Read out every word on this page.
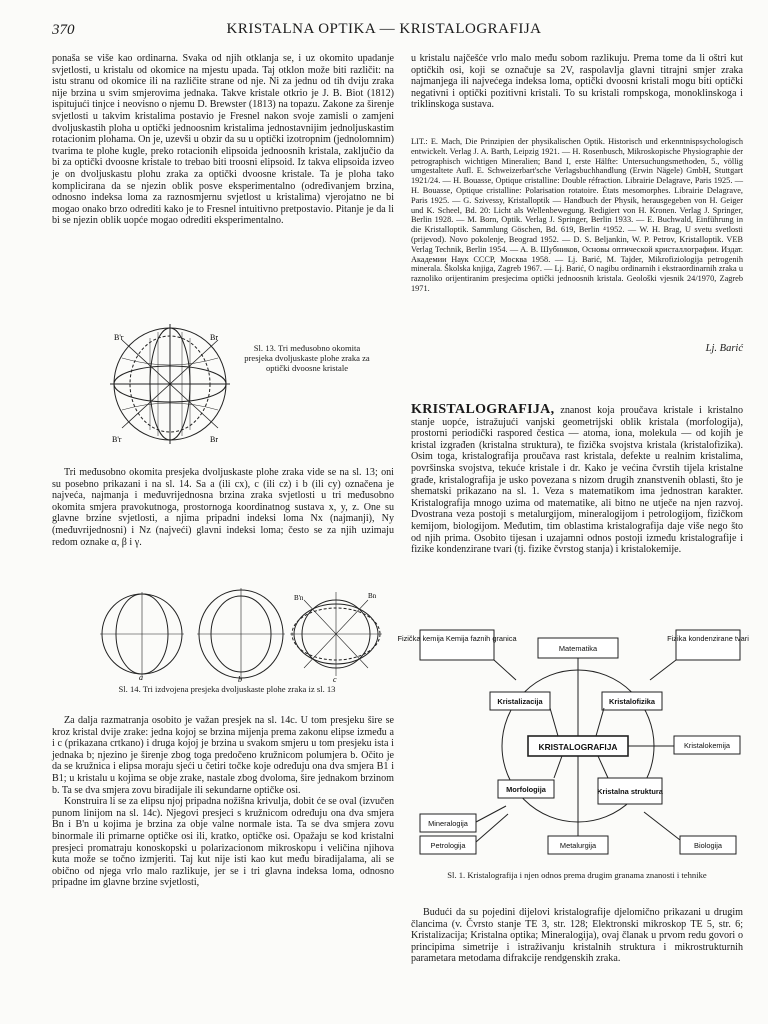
370	KRISTALNA OPTIKA — KRISTALOGRAFIJA

ponaša se više kao ordinarna. Svaka od njih otklanja se, i uz okomito upadanje svjetlosti, u kristalu od okomice na mjestu upada. Taj otklon može biti različit: na istu stranu od okomice ili na različite strane od nje. Ni za jednu od tih dviju zraka nije brzina u svim smjerovima jednaka. Takve kristale otkrio je J. B. Biot (1812) ispitujući tinjce i neovisno o njemu D. Brewster (1813) na topazu. Zakone za širenje svjetlosti u takvim kristalima postavio je Fresnel nakon svoje zamisli o zamjeni dvoljuskastih ploha u optički jednoosnim kristalima jednostavnijim jednoljuskastim rotacionim plohama. On je, uzevši u obzir da su u optički izotropnim (jednolomnim) tvarima te plohe kugle, preko rotacionih elipsoida jednoosnih kristala, zaključio da bi za optički dvoosne kristale to trebao biti troosni elipsoid. Iz takva elipsoida izveo je on dvoljuskastu plohu zraka za optički dvoosne kristale. Ta je ploha tako komplicirana da se njezin oblik posve eksperimentalno (određivanjem brzina, odnosno indeksa loma za raznosmjernu svjetlost u kristalima) vjerojatno ne bi mogao onako brzo odrediti kako je to Fresnel intuitivno pretpostavio. Pitanje je da li bi se njezin oblik uopće mogao odrediti eksperimentalno.

B'r	Br
B'r	Br
Sl. 13. Tri međusobno okomita presjeka dvoljuskaste plohe zraka za optički dvoosne kristale

Tri međusobno okomita presjeka dvoljuskaste plohe zraka vide se na sl. 13; oni su posebno prikazani i na sl. 14. Sa a (ili cx), c (ili cz) i b (ili cy) označena je najveća, najmanja i međuvrijednosna brzina zraka svjetlosti u tri međusobno okomita smjera pravokutnoga, prostornoga koordinatnog sustava x, y, z. One su glavne brzine svjetlosti, a njima pripadni indeksi loma Nx (najmanji), Ny (međuvrijednosni) i Nz (najveći) glavni indeksi loma; često se za njih uzimaju redom oznake α, β i γ.

a	b	c
B'n	Bn
Sl. 14. Tri izdvojena presjeka dvoljuskaste plohe zraka iz sl. 13

Za dalja razmatranja osobito je važan presjek na sl. 14c. U tom presjeku šire se kroz kristal dvije zrake: jedna kojoj se brzina mijenja prema zakonu elipse između a i c (prikazana crtkano) i druga kojoj je brzina u svakom smjeru u tom presjeku ista i jednaka b; njezino je širenje zbog toga predočeno kružnicom polumjera b. Očito je da se kružnica i elipsa moraju sjeći u četiri točke koje određuju ona dva smjera B1 i B1; u kristalu u kojima se obje zrake, nastale zbog dvoloma, šire jednakom brzinom b. Ta se dva smjera zovu biradijale ili sekundarne optičke osi.

Konstruira li se za elipsu njoj pripadna nožišna krivulja, dobit će se oval (izvučen punom linijom na sl. 14c). Njegovi presjeci s kružnicom određuju ona dva smjera Bn i B'n u kojima je brzina za obje valne normale ista. Ta se dva smjera zovu binormale ili primarne optičke osi ili, kratko, optičke osi. Opažaju se kod kristalni presjeci promatraju konoskopski u polarizacionom mikroskopu i veličina njihova kuta može se točno izmjeriti. Taj kut nije isti kao kut među biradijalama, ali se obično od njega vrlo malo razlikuje, jer se i tri glavna indeksa loma, odnosno pripadne im glavne brzine svjetlosti,

u kristalu najčešće vrlo malo među sobom razlikuju. Prema tome da li oštri kut optičkih osi, koji se označuje sa 2V, raspolavlja glavni titrajni smjer zraka najmanjega ili najvećega indeksa loma, optički dvoosni kristali mogu biti optički negativni i optički pozitivni kristali. To su kristali rompskoga, monoklinskoga i triklinskoga sustava.

LIT.: E. Mach, Die Prinzipien der physikalischen Optik. Historisch und erkenntnispsychologisch entwickelt. Verlag J. A. Barth, Leipzig 1921. — H. Rosenbusch, Mikroskopische Physiographie der petrographisch wichtigen Mineralien; Band I, erste Hälfte: Untersuchungsmethoden, 5., völlig umgestaltete Aufl. E. Schweizerbart'sche Verlagsbuchhandlung (Erwin Nägele) GmbH, Stuttgart 1921/24. — H. Bouasse, Optique cristalline: Double réfraction. Librairie Delagrave, Paris 1925. — H. Bouasse, Optique cristalline: Polarisation rotatoire. États mesomorphes. Librairie Delagrave, Paris 1925. — G. Szivessy, Kristalloptik — Handbuch der Physik, herausgegeben von H. Geiger und K. Scheel, Bd. 20: Licht als Wellenbewegung. Redigiert von H. Kronen. Verlag J. Springer, Berlin 1928. — M. Born, Optik. Verlag J. Springer, Berlin 1933. — E. Buchwald, Einführung in die Kristalloptik. Sammlung Göschen, Bd. 619, Berlin ⁴1952. — W. H. Brag, U svetu svetlosti (prijevod). Novo pokolenje, Beograd 1952. — D. S. Beljankin, W. P. Petrov, Kristalloptik. VEB Verlag Technik, Berlin 1954. — A. B. Шубников, Основы оптической кристаллографии. Издат. Академии Наук СССР, Москва 1958. — Lj. Barić, M. Tajder, Mikrofiziologija petrogenih minerala. Školska knjiga, Zagreb 1967. — Lj. Barić, O nagibu ordinarnih i ekstraordinarnih zraka u raznoliko orijentiranim presjecima optički jednoosnih kristala. Geološki vjesnik 24/1970, Zagreb 1971.
Lj. Barić

KRISTALOGRAFIJA, znanost koja proučava kristale i kristalno stanje uopće, istražujući vanjski geometrijski oblik kristala (morfologija), prostorni periodički raspored čestica — atoma, iona, molekula — od kojih je kristal izgrađen (kristalna struktura), te fizička svojstva kristala (kristalofizika). Osim toga, kristalografija proučava rast kristala, defekte u realnim kristalima, površinska svojstva, tekuće kristale i dr. Kako je većina čvrstih tijela kristalne građe, kristalografija je usko povezana s nizom drugih znanstvenih oblasti, što je shematski prikazano na sl. 1. Veza s matematikom ima jednostran karakter. Kristalografija mnogo uzima od matematike, ali bitno ne utječe na njen razvoj. Dvostrana veza postoji s metalurgijom, mineralogijom i petrologijom, fizičkom kemijom, biologijom. Međutim, tim oblastima kristalografija daje više nego što od njih prima. Osobito tijesan i uzajamni odnos postoji između kristalografije i fizike kondenzirane tvari (tj. fizike čvrstog stanja) i kristalokemije.

Fizička kemija Kemija faznih granica
Matematika
Fizika kondenzirane tvari
Kristalokemija
Mineralogija
Petrologija	Metalurgija	Biologija
Kristalizacija	Kristalofizika
Morfologija	Kristalna struktura
KRISTALOGRAFIJA
Sl. 1. Kristalografija i njen odnos prema drugim granama znanosti i tehnike

Budući da su pojedini dijelovi kristalografije djelomično prikazani u drugim člancima (v. Čvrsto stanje TE 3, str. 128; Elektronski mikroskop TE 5, str. 6; Kristalizacija; Kristalna optika; Mineralogija), ovaj članak u prvom redu govori o principima simetrije i istraživanju kristalnih struktura i mikrostrukturnih parametara metodama difrakcije rendgenskih zraka.
